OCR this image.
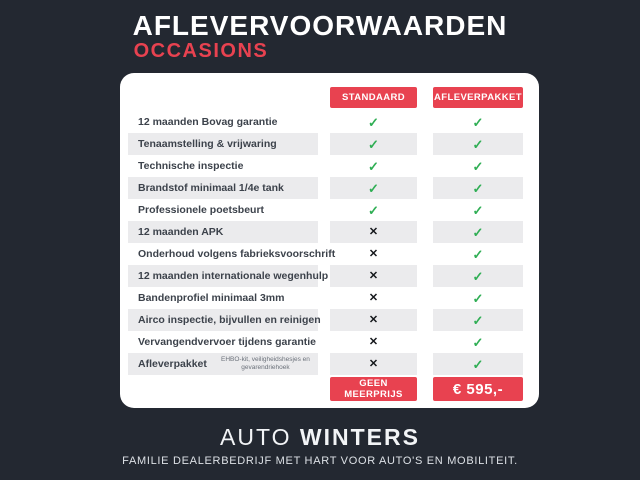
AFLEVERVOORWAARDEN
OCCASIONS
STANDAARD	AFLEVERPAKKET
12 maanden Bovag garantie	✓	✓
Tenaamstelling & vrijwaring	✓	✓
Technische inspectie	✓	✓
Brandstof minimaal 1/4e tank	✓	✓
Professionele poetsbeurt	✓	✓
12 maanden APK	✕	✓
Onderhoud volgens fabrieksvoorschrift	✕	✓
12 maanden internationale wegenhulp	✕	✓
Bandenprofiel minimaal 3mm	✕	✓
Airco inspectie, bijvullen en reinigen	✕	✓
Vervangendvervoer tijdens garantie	✕	✓
Afleverpakket	EHBO-kit, veiligheidshesjes en gevarendriehoek	✕	✓
GEEN MEERPRIJS	€ 595,-
AUTO WINTERS
FAMILIE DEALERBEDRIJF MET HART VOOR AUTO'S EN MOBILITEIT.
